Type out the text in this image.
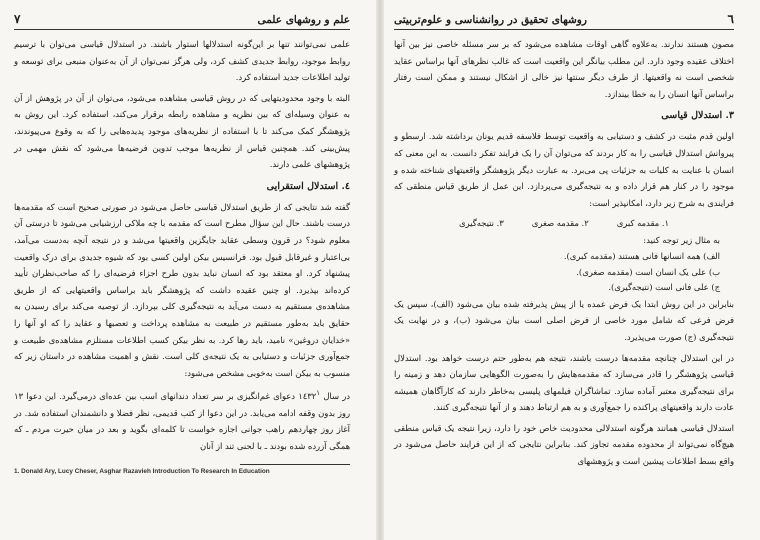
علم و روشهای علمی
۷

علمی نمی‌توانند تنها بر این‌گونه استدلالها استوار باشند. در استدلال قیاسی می‌توان با ترسیم روابط موجود، روابط جدیدی کشف کرد، ولی هرگز نمی‌توان از آن به‌عنوان منبعی برای توسعه و تولید اطلاعات جدید استفاده کرد.

البته با وجود محدودیتهایی که در روش قیاسی مشاهده می‌شود، می‌توان از آن در پژوهش از آن به عنوان وسیله‌ای که بین نظریه و مشاهده رابطه برقرار می‌کند، استفاده کرد. این روش به پژوهشگر کمک می‌کند تا با استفاده از نظریه‌های موجود پدیده‌هایی را که به وقوع می‌پیوندند، پیش‌بینی کند. همچنین قیاس از نظریه‌ها موجب تدوین فرضیه‌ها می‌شود که نقش مهمی در پژوهشهای علمی دارند.

٤. استدلال استقرایی

گفته شد نتایجی که از طریق استدلال قیاسی حاصل می‌شود در صورتی صحیح است که مقدمه‌ها درست باشند. حال این سؤال مطرح است که مقدمه با چه ملاکی ارزشیابی می‌شود تا درستی آن معلوم شود؟ در قرون وسطی عقاید جایگزین واقعیتها می‌شد و در نتیجه آنچه به‌دست می‌آمد، بی‌اعتبار و غیرقابل قبول بود. فرانسیس بیکن اولین کسی بود که شیوه جدیدی برای درک واقعیت پیشنهاد کرد. او معتقد بود که انسان نباید بدون طرح اجزاء فرضیه‌ای را که صاحب‌نظران تأیید کرده‌اند بپذیرد. او چنین عقیده داشت که پژوهشگر باید براساس واقعیتهایی که از طریق مشاهده‌ی مستقیم به دست می‌آید به نتیجه‌گیری کلی بپردازد. از توصیه می‌کند برای رسیدن به حقایق باید به‌طور مستقیم در طبیعت به مشاهده پرداخت و تعصبها و عقاید را که او آنها را «خدایان دروغین» نامید، باید رها کرد. به نظر بیکن کسب اطلاعات مستلزم مشاهده‌ی طبیعت و جمع‌آوری جزئیات و دستیابی به یک نتیجه‌ی کلی است. نقش و اهمیت مشاهده در داستان زیر که منسوب به بیکن است به‌خوبی مشخص می‌شود:

در سال ۱٤۳۲$^۱$ دعوای غم‌انگیزی بر سر تعداد دندانهای اسب بین عده‌ای درمی‌گیرد. این دعوا ۱۳ روز بدون وقفه ادامه می‌یابد. در این دعوا از کتب قدیمی، نظر فضلا و دانشمندان استفاده شد. در آغاز روز چهاردهم راهب جوانی اجازه خواست تا کلمه‌ای بگوید و بعد در میان حیرت مردم ـ که همگی آزرده شده بودند ـ با لحنی تند از آنان

1. Donald Ary, Lucy Cheser, Asghar Razavieh Introduction To Research In Education
٦
روشهای تحقیق در روانشناسی و علوم‌تربیتی

مصون هستند ندارند. به‌علاوه گاهی اوقات مشاهده می‌شود که بر سر مسئله خاصی نیز بین آنها اختلاف عقیده وجود دارد. این مطلب بیانگر این واقعیت است که غالب نظرهای آنها براساس عقاید شخصی است نه واقعیتها. از طرف دیگر سنتها نیز خالی از اشکال نیستند و ممکن است رفتار براساس آنها انسان را به خطا بیندازد.

۳. استدلال قیاسی

اولین قدم مثبت در کشف و دستیابی به واقعیت توسط فلاسفه قدیم یونان برداشته شد. ارسطو و پیروانش استدلال قیاسی را به کار بردند که می‌توان آن را یک فرایند تفکر دانست. به این معنی که انسان با عنایت به کلیات به جزئیات پی می‌برد. به عبارت دیگر پژوهشگر واقعیتهای شناخته شده و موجود را در کنار هم قرار داده و به نتیجه‌گیری می‌پردازد. این عمل از طریق قیاس منطقی که فرایندی به شرح زیر دارد، امکانپذیر است:

۱. مقدمه کبری
۲. مقدمه صغری
۳. نتیجه‌گیری

به مثال زیر توجه کنید:

الف) همه انسانها فانی هستند (مقدمه کبری).

ب) علی یک انسان است (مقدمه صغری).

ج) علی فانی است (نتیجه‌گیری).

بنابراین در این روش ابتدا یک فرض عمده یا از پیش پذیرفته شده بیان می‌شود (الف)، سپس یک فرض فرعی که شامل مورد خاصی از فرض اصلی است بیان می‌شود (ب)، و در نهایت یک نتیجه‌گیری (ج) صورت می‌پذیرد.

در این استدلال چنانچه مقدمه‌ها درست باشند، نتیجه هم به‌طور حتم درست خواهد بود. استدلال قیاسی پژوهشگر را قادر می‌سازد که مقدمه‌هایش را به‌صورت الگوهایی سازمان دهد و زمینه را برای نتیجه‌گیری معتبر آماده سازد. تماشاگران فیلمهای پلیسی به‌خاطر دارند که کارآگاهان همیشه عادت دارند واقعیتهای پراکنده را جمع‌آوری و به هم ارتباط دهند و از آنها نتیجه‌گیری کنند.

استدلال قیاسی همانند هرگونه استدلالی محدودیت خاص خود را دارد، زیرا نتیجه یک قیاس منطقی هیچ‌گاه نمی‌تواند از محدوده مقدمه تجاوز کند. بنابراین نتایجی که از این فرایند حاصل می‌شود در واقع بسط اطلاعات پیشین است و پژوهشهای
